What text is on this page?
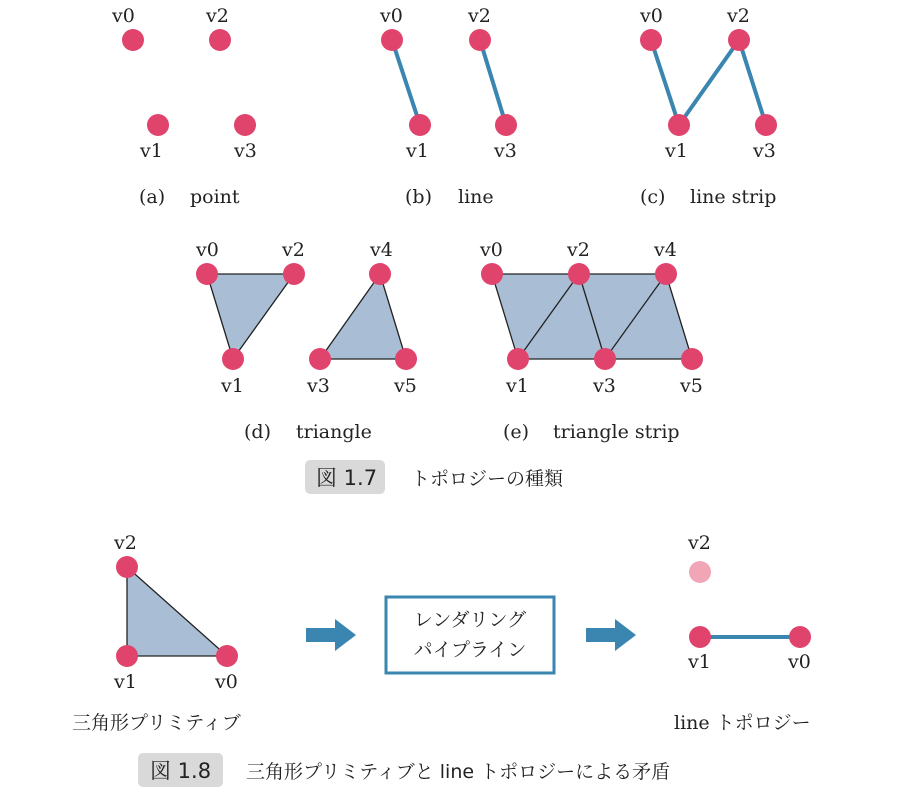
v0	v2
v1	v3
(a) point
v0	v2
v1	v3
(b) line
v0	v2
v1	v3
(c) line strip
v0	v2	v4
v1	v3	v5
(d) triangle
v0	v2	v4
v1	v3	v5
(e) triangle strip
図 1.7 トポロジーの種類
v2
v1	v0
三角形プリミティブ
レンダリング
パイプライン
v2
v1	v0
line トポロジー
図 1.8 三角形プリミティブと line トポロジーによる矛盾
